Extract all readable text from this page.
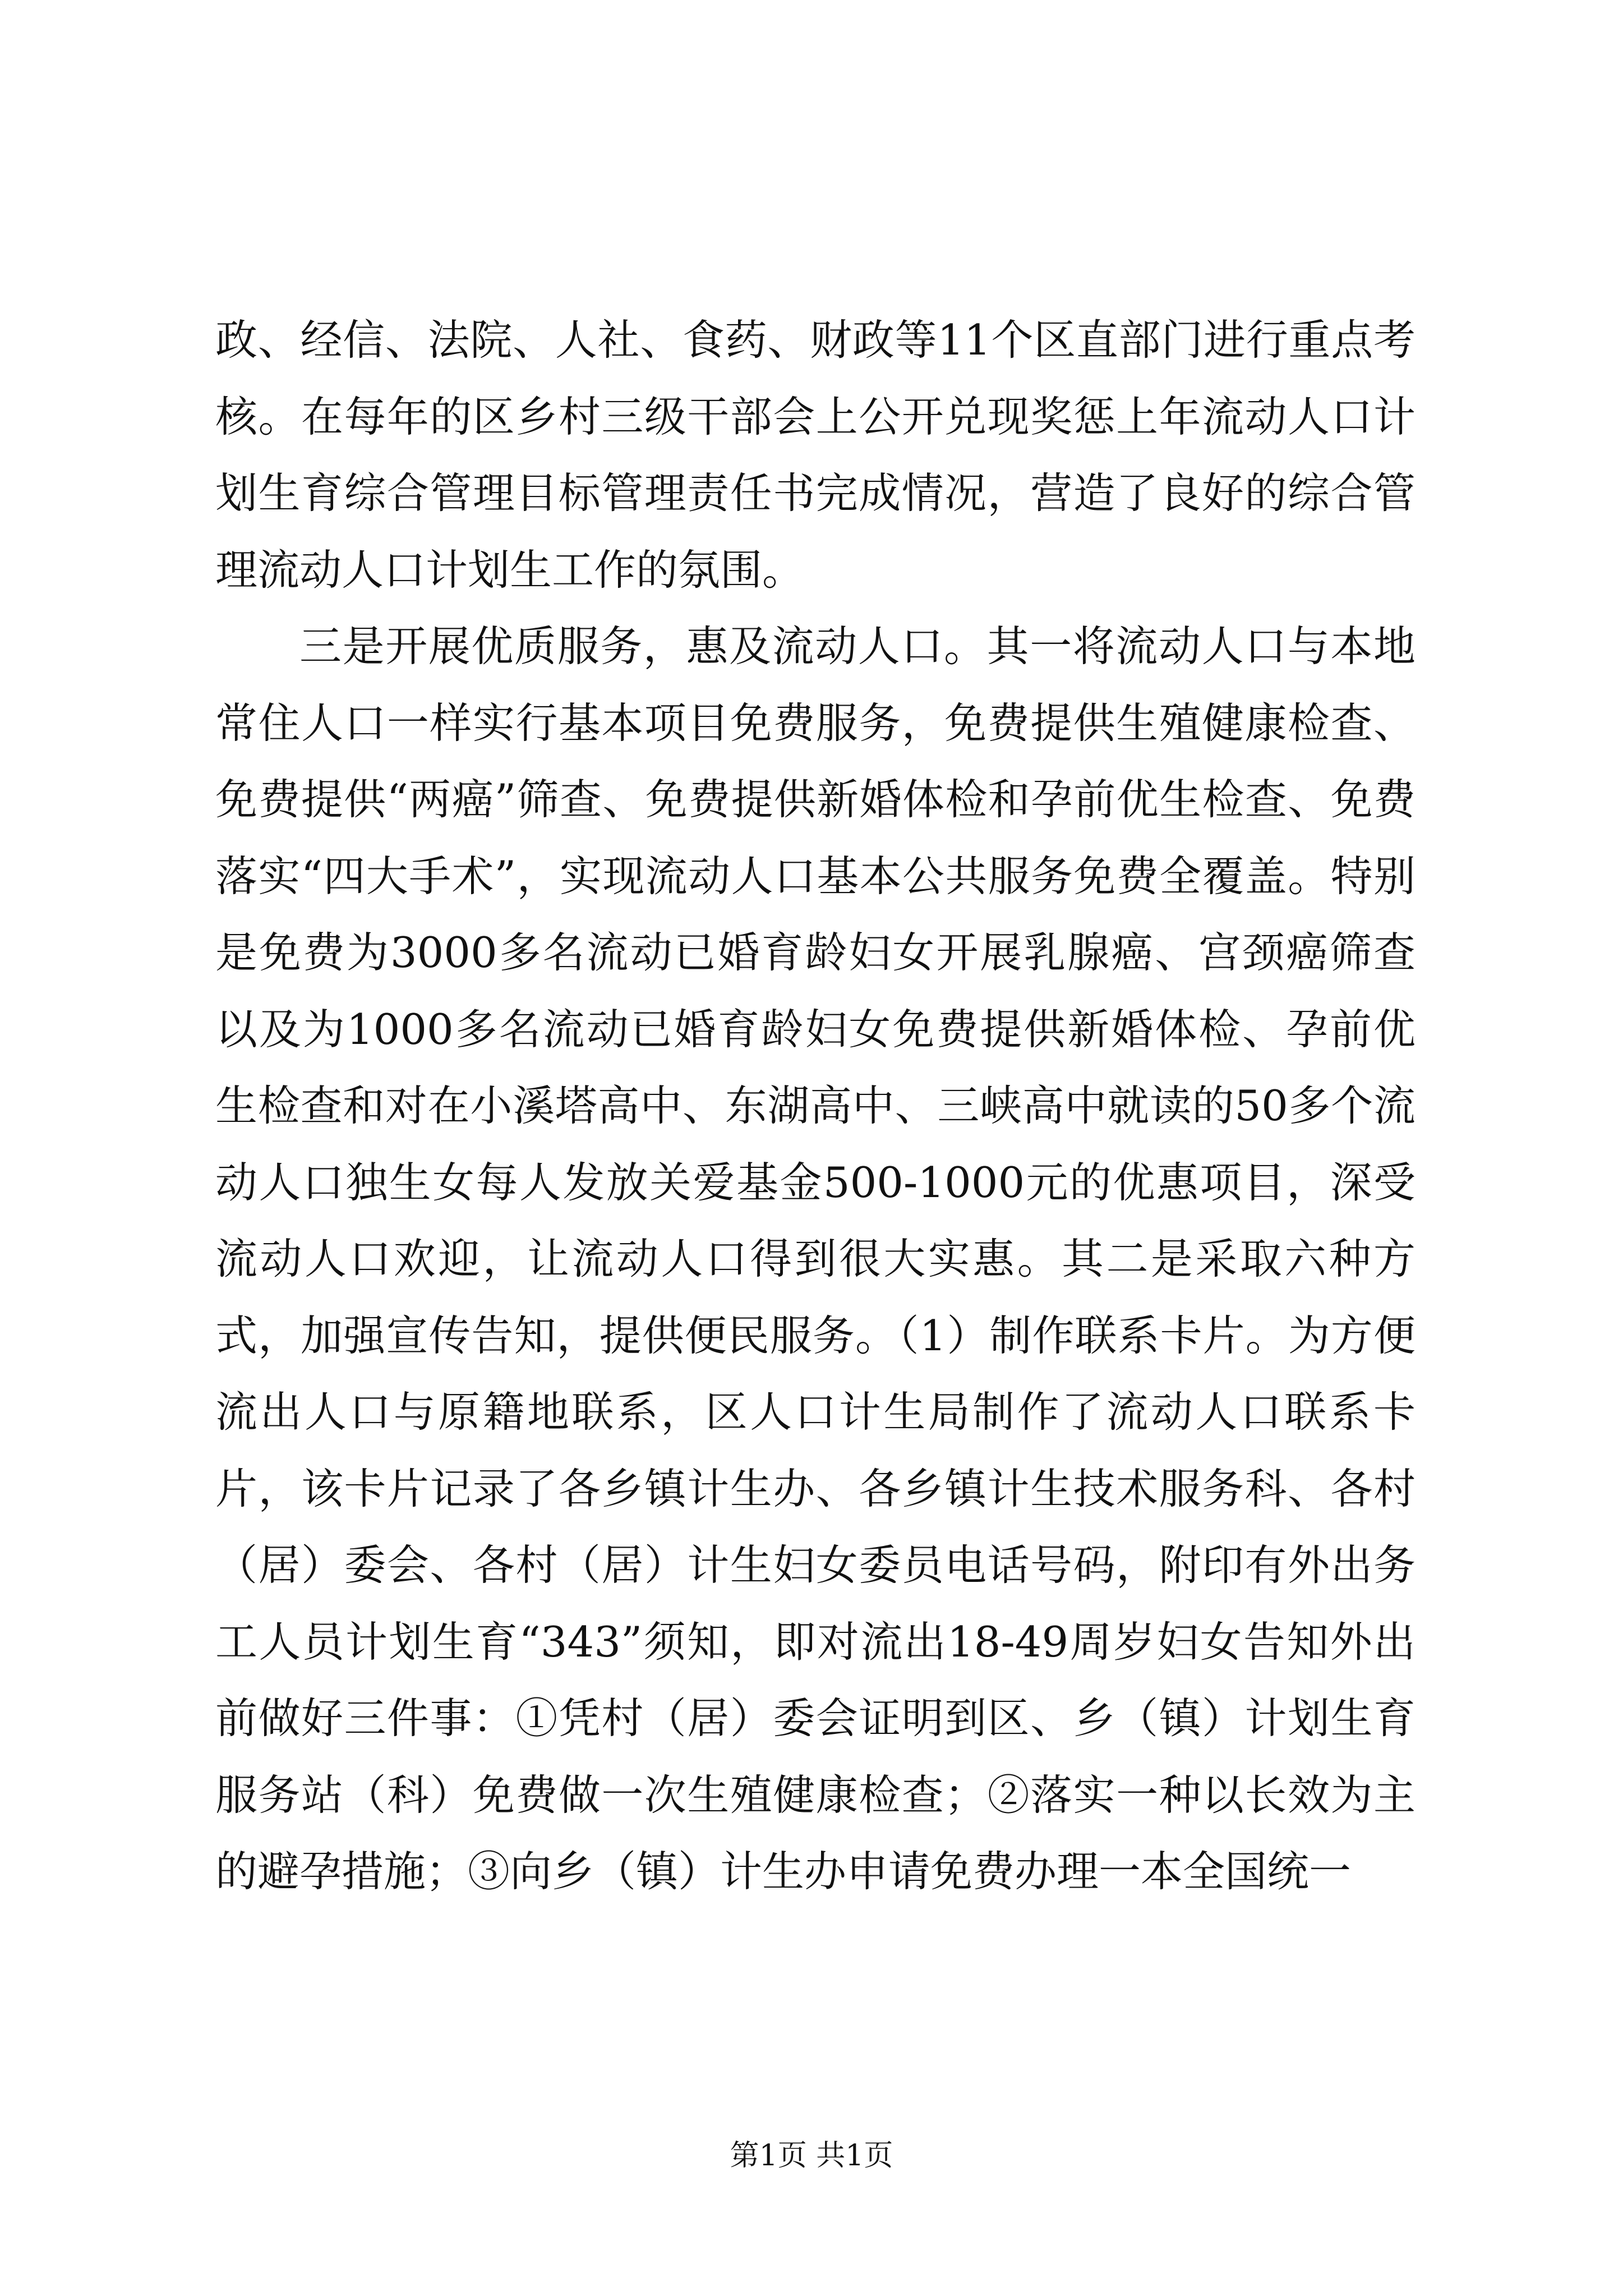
政、经信、法院、人社、食药、财政等11个区直部门进行重点考核。在每年的区乡村三级干部会上公开兑现奖惩上年流动人口计划生育综合管理目标管理责任书完成情况，营造了良好的综合管理流动人口计划生工作的氛围。

三是开展优质服务，惠及流动人口。其一将流动人口与本地常住人口一样实行基本项目免费服务，免费提供生殖健康检查、免费提供“两癌”筛查、免费提供新婚体检和孕前优生检查、免费落实“四大手术”，实现流动人口基本公共服务免费全覆盖。特别是免费为3000多名流动已婚育龄妇女开展乳腺癌、宫颈癌筛查以及为1000多名流动已婚育龄妇女免费提供新婚体检、孕前优生检查和对在小溪塔高中、东湖高中、三峡高中就读的50多个流动人口独生女每人发放关爱基金500-1000元的优惠项目，深受流动人口欢迎，让流动人口得到很大实惠。其二是采取六种方式，加强宣传告知，提供便民服务。（1）制作联系卡片。为方便流出人口与原籍地联系，区人口计生局制作了流动人口联系卡片，该卡片记录了各乡镇计生办、各乡镇计生技术服务科、各村（居）委会、各村（居）计生妇女委员电话号码，附印有外出务工人员计划生育“343”须知，即对流出18-49周岁妇女告知外出前做好三件事：①凭村（居）委会证明到区、乡（镇）计划生育服务站（科）免费做一次生殖健康检查；②落实一种以长效为主的避孕措施；③向乡（镇）计生办申请免费办理一本全国统一

第1页 共1页
